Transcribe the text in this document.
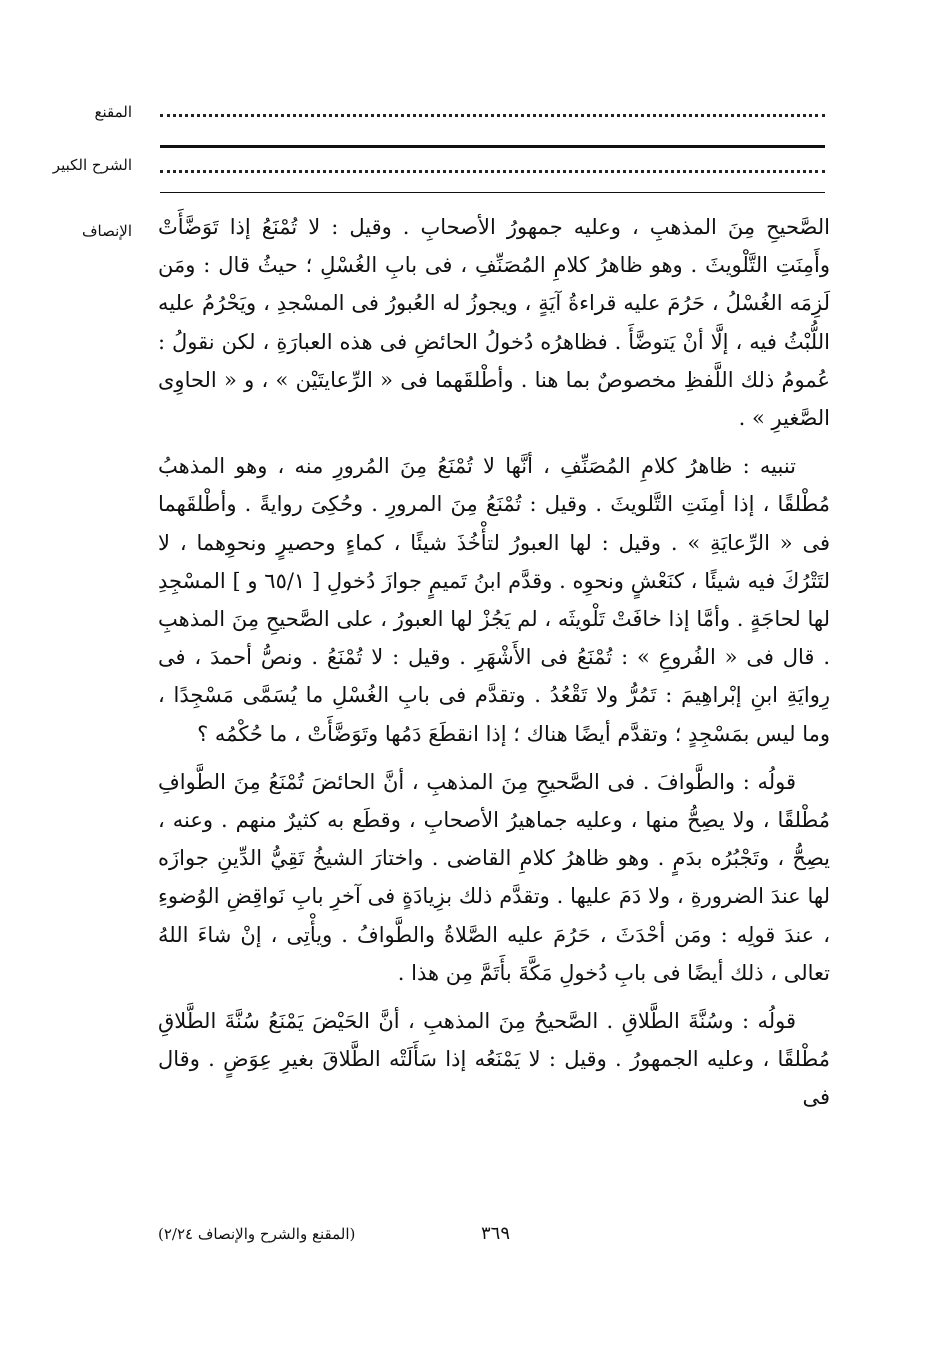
المقنع
الشرح الكبير
الإنصاف الصَّحيحِ مِنَ المذهبِ ، وعليه جمهورُ الأصحابِ . وقيل : لا تُمْنَعُ إذا تَوَضَّأَتْ وأَمِنَتِ التَّلْويثَ . وهو ظاهرُ كلامِ المُصَنِّفِ ، فى بابِ الغُسْلِ ؛ حيثُ قال : ومَن لَزِمَه الغُسْلُ ، حَرُمَ عليه قراءةُ آيَةٍ ، ويجوزُ له العُبورُ فى المسْجدِ ، ويَحْرُمُ عليه اللُّبْثُ فيه ، إلَّا أنْ يَتوضَّأَ . فظاهرُه دُخولُ الحائضِ فى هذه العبارَةِ ، لكن نقولُ : عُمومُ ذلك اللَّفظِ مخصوصٌ بما هنا . وأطْلقَهما فى « الرِّعايتَيْن » ، و « الحاوِى الصَّغيرِ » .

تنبيه : ظاهرُ كلامِ المُصَنِّفِ ، أنَّها لا تُمْنَعُ مِنَ المُرورِ منه ، وهو المذهبُ مُطْلقًا ، إذا أمِنَتِ التَّلويثَ . وقيل : تُمْنَعُ مِنَ المرورِ . وحُكِىَ روايةً . وأطْلقَهما فى « الرِّعايَةِ » . وقيل : لها العبورُ لتأْخُذَ شيئًا ، كماءٍ وحصيرٍ ونحوِهما ، لا لتَتْرُكَ فيه شيئًا ، كنَعْشٍ ونحوِه . وقدَّم ابنُ تَميمٍ جوازَ دُخولِ [ ٦٥/١ و ] المسْجِدِ لها لحاجَةٍ . وأمَّا إذا خافَتْ تَلْويثَه ، لم يَجُزْ لها العبورُ ، على الصَّحيحِ مِنَ المذهبِ . قال فى « الفُروعِ » : تُمْنَعُ فى الأَشْهَرِ . وقيل : لا تُمْنَعُ . ونصُّ أحمدَ ، فى رِوايَةِ ابنِ إبْراهِيمَ : تَمُرُّ ولا تَقْعُدُ . وتقدَّم فى بابِ الغُسْلِ ما يُسَمَّى مَسْجِدًا ، وما ليس بمَسْجِدٍ ؛ وتقدَّم أيضًا هناك ؛ إذا انقطَعَ دَمُها وتَوَضَّأَتْ ، ما حُكْمُه ؟

قولُه : والطَّوافَ . فى الصَّحيحِ مِنَ المذهبِ ، أنَّ الحائضَ تُمْنَعُ مِنَ الطَّوافِ مُطْلقًا ، ولا يصِحُّ منها ، وعليه جماهيرُ الأصحابِ ، وقطَع به كثيرٌ منهم . وعنه ، يصِحُّ ، وتَجْبُرُه بدَمٍ . وهو ظاهرُ كلامِ القاضى . واختارَ الشيخُ تَقِيُّ الدِّينِ جوازَه لها عندَ الضرورةِ ، ولا دَمَ عليها . وتقدَّم ذلك بزِيادَةٍ فى آخرِ بابِ نَواقِضِ الوُضوءِ ، عندَ قولِه : ومَن أحْدَثَ ، حَرُمَ عليه الصَّلاةُ والطَّوافُ . ويأْتِى ، إنْ شاءَ اللهُ تعالى ، ذلك أيضًا فى بابِ دُخولِ مَكَّةَ بأَتَمَّ مِن هذا .

قولُه : وسُنَّةَ الطَّلاقِ . الصَّحيحُ مِنَ المذهبِ ، أنَّ الحَيْضَ يَمْنَعُ سُنَّةَ الطَّلاقِ مُطْلقًا ، وعليه الجمهورُ . وقيل : لا يَمْنَعُه إذا سَأَلَتْه الطَّلاقَ بغيرِ عِوَضٍ . وقال فى

٣٦٩
(المقنع والشرح والإنصاف ٢/٢٤)
